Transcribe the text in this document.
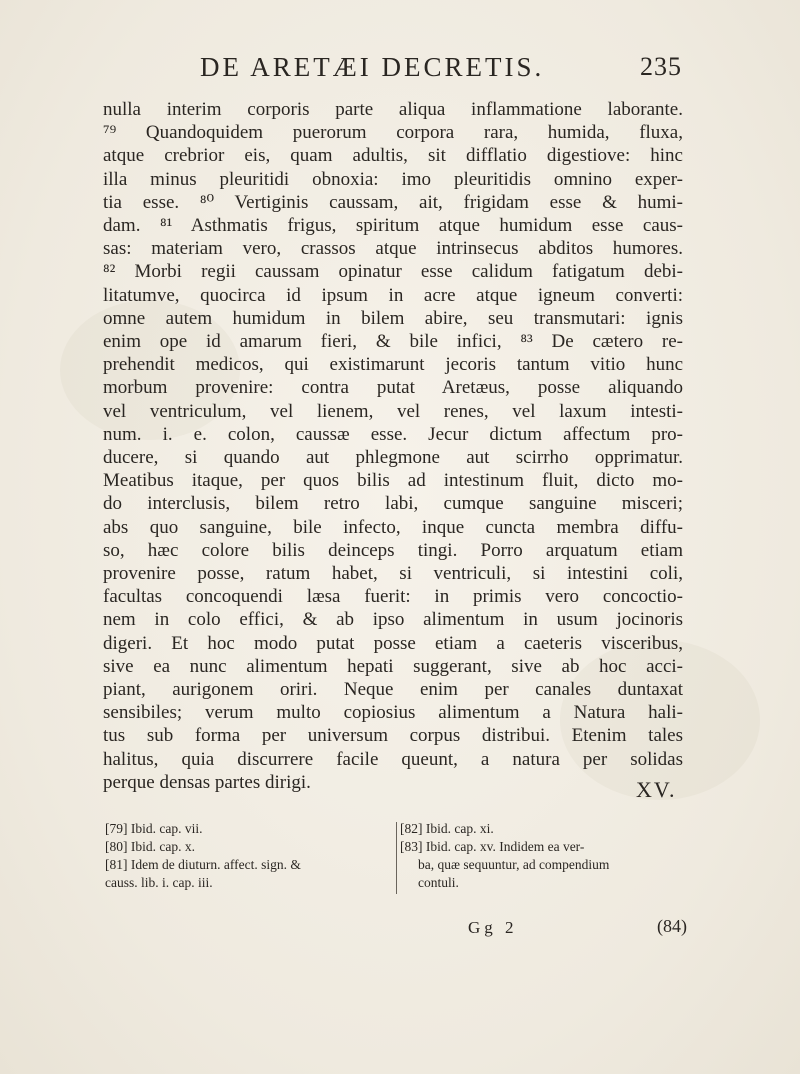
DE ARETÆI DECRETIS.	235
nulla interim corporis parte aliqua inflammatione laborante.
⁷⁹ Quandoquidem puerorum corpora rara, humida, fluxa,
atque crebrior eis, quam adultis, sit difflatio digestiove: hinc
illa minus pleuritidi obnoxia: imo pleuritidis omnino exper-
tia esse. ⁸⁰ Vertiginis caussam, ait, frigidam esse & humi-
dam. ⁸¹ Asthmatis frigus, spiritum atque humidum esse caus-
sas: materiam vero, crassos atque intrinsecus abditos humores.
⁸² Morbi regii caussam opinatur esse calidum fatigatum debi-
litatumve, quocirca id ipsum in acre atque igneum converti:
omne autem humidum in bilem abire, seu transmutari: ignis
enim ope id amarum fieri, & bile infici, ⁸³ De cætero re-
prehendit medicos, qui existimarunt jecoris tantum vitio hunc
morbum provenire: contra putat Aretæus, posse aliquando
vel ventriculum, vel lienem, vel renes, vel laxum intesti-
num. i. e. colon, caussæ esse. Jecur dictum affectum pro-
ducere, si quando aut phlegmone aut scirrho opprimatur.
Meatibus itaque, per quos bilis ad intestinum fluit, dicto mo-
do interclusis, bilem retro labi, cumque sanguine misceri;
abs quo sanguine, bile infecto, inque cuncta membra diffu-
so, hæc colore bilis deinceps tingi. Porro arquatum etiam
provenire posse, ratum habet, si ventriculi, si intestini coli,
facultas concoquendi læsa fuerit: in primis vero concoctio-
nem in colo effici, & ab ipso alimentum in usum jocinoris
digeri. Et hoc modo putat posse etiam a caeteris visceribus,
sive ea nunc alimentum hepati suggerant, sive ab hoc acci-
piant, aurigonem oriri. Neque enim per canales duntaxat
sensibiles; verum multo copiosius alimentum a Natura hali-
tus sub forma per universum corpus distribui. Etenim tales
halitus, quia discurrere facile queunt, a natura per solidas
perque densas partes dirigi.	XV.
[79] Ibid. cap. vii.
[80] Ibid. cap. x.
[81] Idem de diuturn. affect. sign. &
causs. lib. i. cap. iii.
[82] Ibid. cap. xi.
[83] Ibid. cap. xv. Indidem ea ver-
ba, quæ sequuntur, ad compendium
contuli.
Gg 2	(84)
